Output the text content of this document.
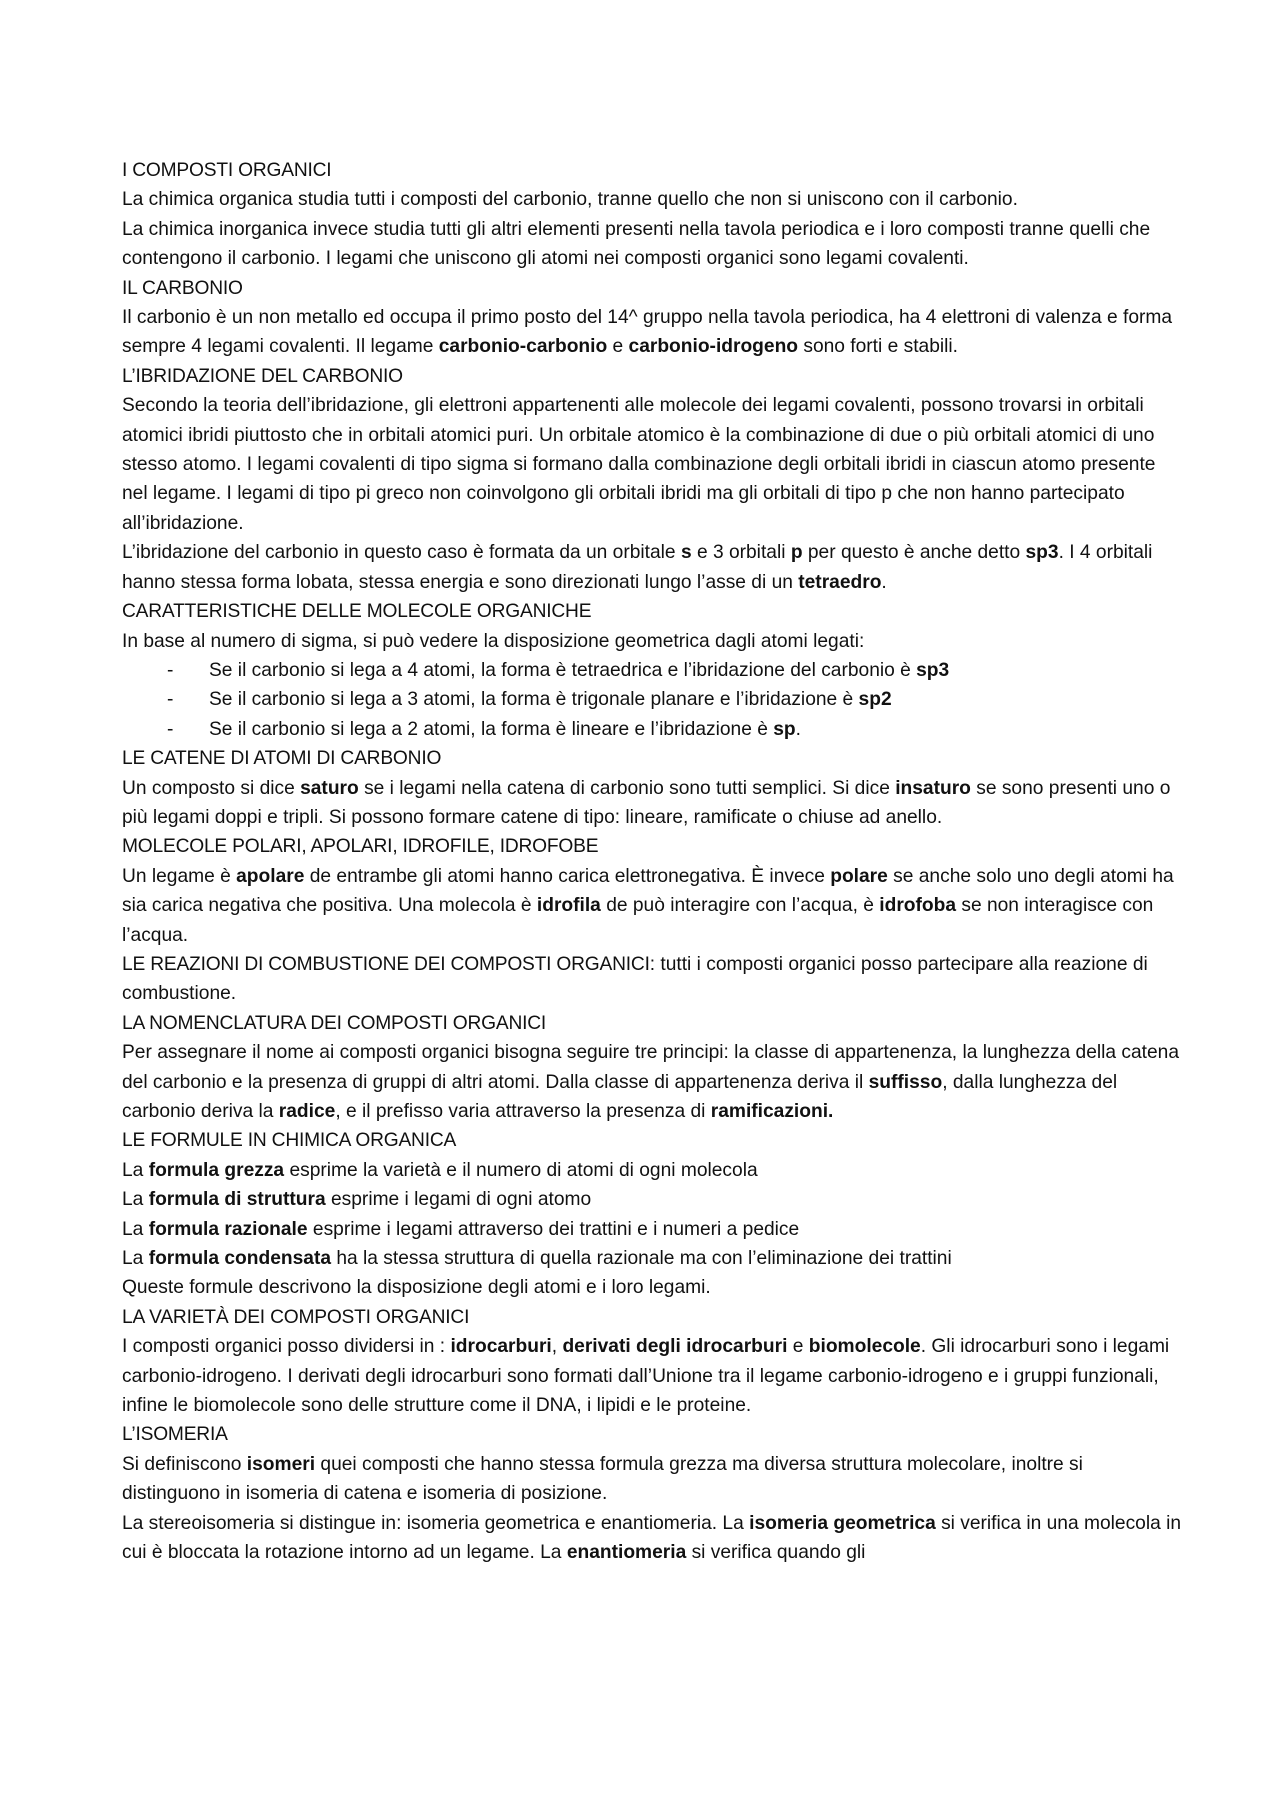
I COMPOSTI ORGANICI

La chimica organica studia tutti i composti del carbonio, tranne quello che non si uniscono con il carbonio.

La chimica inorganica invece studia tutti gli altri elementi presenti nella tavola periodica e i loro composti tranne quelli che contengono il carbonio. I legami che uniscono gli atomi nei composti organici sono legami covalenti.

IL CARBONIO

Il carbonio è un non metallo ed occupa il primo posto del 14^ gruppo nella tavola periodica, ha 4 elettroni di valenza e forma sempre 4 legami covalenti. Il legame carbonio-carbonio e carbonio-idrogeno sono forti e stabili.

L’IBRIDAZIONE DEL CARBONIO

Secondo la teoria dell’ibridazione, gli elettroni appartenenti alle molecole dei legami covalenti, possono trovarsi in orbitali atomici ibridi piuttosto che in orbitali atomici puri. Un orbitale atomico è la combinazione di due o più orbitali atomici di uno stesso atomo. I legami covalenti di tipo sigma si formano dalla combinazione degli orbitali ibridi in ciascun atomo presente nel legame. I legami di tipo pi greco non coinvolgono gli orbitali ibridi ma gli orbitali di tipo p che non hanno partecipato all’ibridazione.

L’ibridazione del carbonio in questo caso è formata da un orbitale s e 3 orbitali p per questo è anche detto sp3. I 4 orbitali hanno stessa forma lobata, stessa energia e sono direzionati lungo l’asse di un tetraedro.

CARATTERISTICHE DELLE MOLECOLE ORGANICHE

In base al numero di sigma, si può vedere la disposizione geometrica dagli atomi legati:

- Se il carbonio si lega a 4 atomi, la forma è tetraedrica e l’ibridazione del carbonio è sp3
- Se il carbonio si lega a 3 atomi, la forma è trigonale planare e l’ibridazione è sp2
- Se il carbonio si lega a 2 atomi, la forma è lineare e l’ibridazione è sp.

LE CATENE DI ATOMI DI CARBONIO

Un composto si dice saturo se i legami nella catena di carbonio sono tutti semplici. Si dice insaturo se sono presenti uno o più legami doppi e tripli. Si possono formare catene di tipo: lineare, ramificate o chiuse ad anello.

MOLECOLE POLARI, APOLARI, IDROFILE, IDROFOBE

Un legame è apolare de entrambe gli atomi hanno carica elettronegativa. È invece polare se anche solo uno degli atomi ha sia carica negativa che positiva. Una molecola è idrofila de può interagire con l’acqua, è idrofoba se non interagisce con l’acqua.

LE REAZIONI DI COMBUSTIONE DEI COMPOSTI ORGANICI: tutti i composti organici posso partecipare alla reazione di combustione.

LA NOMENCLATURA DEI COMPOSTI ORGANICI

Per assegnare il nome ai composti organici bisogna seguire tre principi: la classe di appartenenza, la lunghezza della catena del carbonio e la presenza di gruppi di altri atomi. Dalla classe di appartenenza deriva il suffisso, dalla lunghezza del carbonio deriva la radice, e il prefisso varia attraverso la presenza di ramificazioni.

LE FORMULE IN CHIMICA ORGANICA

La formula grezza esprime la varietà e il numero di atomi di ogni molecola

La formula di struttura esprime i legami di ogni atomo

La formula razionale esprime i legami attraverso dei trattini e i numeri a pedice

La formula condensata ha la stessa struttura di quella razionale ma con l’eliminazione dei trattini

Queste formule descrivono la disposizione degli atomi e i loro legami.

LA VARIETÀ DEI COMPOSTI ORGANICI

I composti organici posso dividersi in : idrocarburi, derivati degli idrocarburi e biomolecole. Gli idrocarburi sono i legami carbonio-idrogeno. I derivati degli idrocarburi sono formati dall’Unione tra il legame carbonio-idrogeno e i gruppi funzionali, infine le biomolecole sono delle strutture come il DNA, i lipidi e le proteine.

L’ISOMERIA

Si definiscono isomeri quei composti che hanno stessa formula grezza ma diversa struttura molecolare, inoltre si distinguono in isomeria di catena e isomeria di posizione.

La stereoisomeria si distingue in: isomeria geometrica e enantiomeria. La isomeria geometrica si verifica in una molecola in cui è bloccata la rotazione intorno ad un legame. La enantiomeria si verifica quando gli
